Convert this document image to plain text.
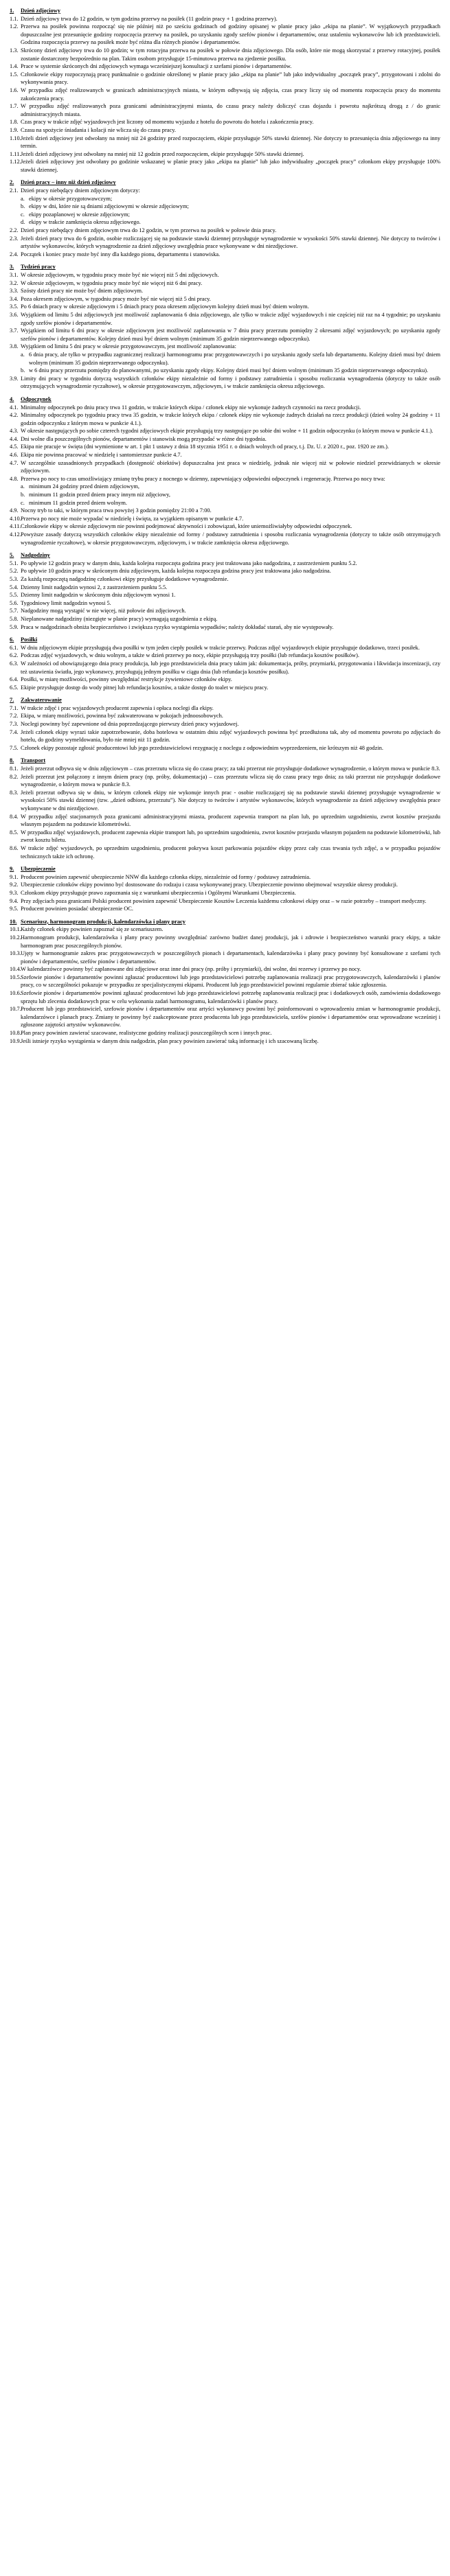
1.	Dzień zdjęciowy
1.1. Dzień zdjęciowy trwa do 12 godzin, w tym godzina przerwy na posiłek (11 godzin pracy + 1 godzina przerwy).
1.2. Przerwa na posiłek powinna rozpocząć się nie później niż po sześciu godzinach od godziny opisanej w planie pracy jako „ekipa na planie”. W wyjątkowych przypadkach dopuszczalne jest przesunięcie godziny rozpoczęcia przerwy na posiłek, po uzyskaniu zgody szefów pionów i departamentów, oraz ustaleniu wykonawców lub ich przedstawicieli. Godzina rozpoczęcia przerwy na posiłek może być różna dla różnych pionów i departamentów.
1.3. Skrócony dzień zdjęciowy trwa do 10 godzin; w tym rotacyjna przerwa na posiłek w połowie dnia zdjęciowego. Dla osób, które nie mogą skorzystać z przerwy rotacyjnej, posiłek zostanie dostarczony bezpośrednio na plan. Takim osobom przysługuje 15-minutowa przerwa na zjedzenie posiłku.
1.4. Prace w systemie skróconych dni zdjęciowych wymaga wcześniejszej konsultacji z szefami pionów i departamentów.
1.5. Członkowie ekipy rozpoczynają pracę punktualnie o godzinie określonej w planie pracy jako „ekipa na planie” lub jako indywidualny „początek pracy”, przygotowani i zdolni do wykonywania pracy.
1.6. W przypadku zdjęć realizowanych w granicach administracyjnych miasta, w którym odbywają się zdjęcia, czas pracy liczy się od momentu rozpoczęcia pracy do momentu zakończenia pracy.
1.7. W przypadku zdjęć realizowanych poza granicami administracyjnymi miasta, do czasu pracy należy doliczyć czas dojazdu i powrotu najkrótszą drogą z / do granic administracyjnych miasta.
1.8. Czas pracy w trakcie zdjęć wyjazdowych jest liczony od momentu wyjazdu z hotelu do powrotu do hotelu i zakończenia pracy.
1.9. Czasu na spożycie śniadania i kolacji nie wlicza się do czasu pracy.
1.10. Jeżeli dzień zdjęciowy jest odwołany na mniej niż 24 godziny przed rozpoczęciem, ekipie przysługuje 50% stawki dziennej. Nie dotyczy to przesunięcia dnia zdjęciowego na inny termin.
1.11. Jeżeli dzień zdjęciowy jest odwołany na mniej niż 12 godzin przed rozpoczęciem, ekipie przysługuje 50% stawki dziennej.
1.12. Jeżeli dzień zdjęciowy jest odwołany po godzinie wskazanej w planie pracy jako „ekipa na planie” lub jako indywidualny „początek pracy” członkom ekipy przysługuje 100% stawki dziennej.
2.	Dzień pracy – inny niż dzień zdjęciowy
2.1. Dzień pracy niebędący dniem zdjęciowym dotyczy:
a. ekipy w okresie przygotowawczym;
b. ekipy w dni, które nie są dniami zdjęciowymi w okresie zdjęciowym;
c. ekipy pozaplanowej w okresie zdjęciowym;
d. ekipy w trakcie zamknięcia okresu zdjęciowego.
2.2. Dzień pracy niebędący dniem zdjęciowym trwa do 12 godzin, w tym przerwa na posiłek w połowie dnia pracy.
2.3. Jeżeli dzień pracy trwa do 6 godzin, osobie rozliczającej się na podstawie stawki dziennej przysługuje wynagrodzenie w wysokości 50% stawki dziennej. Nie dotyczy to twórców i artystów wykonawców, których wynagrodzenie za dzień zdjęciowy uwzględnia prace wykonywane w dni niezdjęciowe.
2.4. Początek i koniec pracy może być inny dla każdego pionu, departamentu i stanowiska.
3.	Tydzień pracy
3.1. W okresie zdjęciowym, w tygodniu pracy może być nie więcej niż 5 dni zdjęciowych.
3.2. W okresie zdjęciowym, w tygodniu pracy może być nie więcej niż 6 dni pracy.
3.3. Szósty dzień pracy nie może być dniem zdjęciowym.
3.4. Poza okresem zdjęciowym, w tygodniu pracy może być nie więcej niż 5 dni pracy.
3.5. Po 6 dniach pracy w okresie zdjęciowym i 5 dniach pracy poza okresem zdjęciowym kolejny dzień musi być dniem wolnym.
3.6. Wyjątkiem od limitu 5 dni zdjęciowych jest możliwość zaplanowania 6 dnia zdjęciowego, ale tylko w trakcie zdjęć wyjazdowych i nie częściej niż raz na 4 tygodnie; po uzyskaniu zgody szefów pionów i departamentów.
3.7. Wyjątkiem od limitu 6 dni pracy w okresie zdjęciowym jest możliwość zaplanowania w 7 dniu pracy przerzutu pomiędzy 2 okresami zdjęć wyjazdowych; po uzyskaniu zgody szefów pionów i departamentów. Kolejny dzień musi być dniem wolnym (minimum 35 godzin nieprzerwanego odpoczynku).
3.8. Wyjątkiem od limitu 5 dni pracy w okresie przygotowawczym, jest możliwość zaplanowania:
a. 6 dnia pracy, ale tylko w przypadku zagranicznej realizacji harmonogramu prac przygotowawczych i po uzyskaniu zgody szefa lub departamentu. Kolejny dzień musi być dniem wolnym (minimum 35 godzin nieprzerwanego odpoczynku).
b. w 6 dniu pracy przerzutu pomiędzy do planowanymi, po uzyskaniu zgody ekipy. Kolejny dzień musi być dniem wolnym (minimum 35 godzin nieprzerwanego odpoczynku).
3.9. Limity dni pracy w tygodniu dotyczą wszystkich członków ekipy niezależnie od formy i podstawy zatrudnienia i sposobu rozliczania wynagrodzenia (dotyczy to także osób otrzymujących wynagrodzenie ryczałtowe), w okresie przygotowawczym, zdjęciowym, i w trakcie zamknięcia okresu zdjęciowego.
4.	Odpoczynek
4.1. Minimalny odpoczynek po dniu pracy trwa 11 godzin, w trakcie których ekipa / członek ekipy nie wykonuje żadnych czynności na rzecz produkcji.
4.2. Minimalny odpoczynek po tygodniu pracy trwa 35 godzin, w trakcie których ekipa / członek ekipy nie wykonuje żadnych działań na rzecz produkcji (dzień wolny 24 godziny + 11 godzin odpoczynku z którym mowa w punkcie 4.1.).
4.3. W okresie następujących po sobie czterech tygodni zdjęciowych ekipie przysługują trzy następujące po sobie dni wolne + 11 godzin odpoczynku (o którym mowa w punkcie 4.1.).
4.4. Dni wolne dla poszczególnych pionów, departamentów i stanowisk mogą przypadać w różne dni tygodnia.
4.5. Ekipa nie pracuje w święta (dni wymienione w art. 1 pkt 1 ustawy z dnia 18 stycznia 1951 r. o dniach wolnych od pracy, t.j. Dz. U. z 2020 r., poz. 1920 ze zm.).
4.6. Ekipa nie powinna pracować w niedzielę i santomierzsze punkcie 4.7.
4.7. W szczególnie uzasadnionych przypadkach (dostępność obiektów) dopuszczalna jest praca w niedzielę, jednak nie więcej niż w połowie niedziel przewidzianych w okresie zdjęciowym.
4.8. Przerwa po nocy to czas umożliwiający zmianę trybu pracy z nocnego w dzienny, zapewniający odpowiedni odpoczynek i regenerację. Przerwa po nocy trwa:
a. minimum 24 godziny przed dniem zdjęciowym,
b. minimum 11 godzin przed dniem pracy innym niż zdjęciowy,
c. minimum 11 godzin przed dniem wolnym.
4.9. Nocny tryb to taki, w którym praca trwa powyżej 3 godzin pomiędzy 21:00 a 7:00.
4.10. Przerwa po nocy nie może wypadać w niedzielę i święta, za wyjątkiem opisanym w punkcie 4.7.
4.11. Członkowie ekipy w okresie zdjęciowym nie powinni podejmować aktywności i zobowiązań, które uniemożliwiałyby odpowiedni odpoczynek.
4.12. Powyższe zasady dotyczą wszystkich członków ekipy niezależnie od formy / podstawy zatrudnienia i sposobu rozliczania wynagrodzenia (dotyczy to także osób otrzymujących wynagrodzenie ryczałtowe), w okresie przygotowawczym, zdjęciowym, i w trakcie zamknięcia okresu zdjęciowego.
5.	Nadgodziny
5.1. Po upływie 12 godzin pracy w danym dniu, każda kolejna rozpoczęta godzina pracy jest traktowana jako nadgodzina, z zastrzeżeniem punktu 5.2.
5.2. Po upływie 10 godzin pracy w skróconym dniu zdjęciowym, każda kolejna rozpoczęta godzina pracy jest traktowana jako nadgodzina.
5.3. Za każdą rozpoczętą nadgodzinę członkowi ekipy przysługuje dodatkowe wynagrodzenie.
5.4. Dzienny limit nadgodzin wynosi 2, z zastrzeżeniem punktu 5.5.
5.5. Dzienny limit nadgodzin w skróconym dniu zdjęciowym wynosi 1.
5.6. Tygodniowy limit nadgodzin wynosi 5.
5.7. Nadgodziny mogą wystąpić w nie więcej, niż połowie dni zdjęciowych.
5.8. Nieplanowane nadgodziny (niezgięte w planie pracy) wymagają uzgodnienia z ekipą.
5.9. Praca w nadgodzinach obniża bezpieczeństwo i zwiększa ryzyko wystąpienia wypadków; należy dokładać starań, aby nie występowały.
6.	Posiłki
6.1. W dniu zdjęciowym ekipie przysługują dwa posiłki w tym jeden ciepły posiłek w trakcie przerwy. Podczas zdjęć wyjazdowych ekipie przysługuje dodatkowo, trzeci posiłek.
6.2. Podczas zdjęć wyjazdowych, w dniu wolnym, a także w dzień przerwy po nocy, ekipie przysługują trzy posiłki (lub refundacja kosztów posiłków).
6.3. W zależności od obowiązującego dnia pracy produkcja, lub jego przedstawiciela dnia pracy takim jak: dokumentacja, próby, przymiarki, przygotowania i likwidacja inscenizacji, czy też ustawienia światła, jego wykonawcy, przysługują jednym posiłku w ciągu dnia (lub refundacja kosztów posiłku).
6.4. Posiłki, w miarę możliwości, powinny uwzględniać restrykcje żywieniowe członków ekipy.
6.5. Ekipie przysługuje dostęp do wody pitnej lub refundacja kosztów, a także dostęp do toalet w miejscu pracy.
7.	Zakwaterowanie
7.1. W trakcie zdjęć i prac wyjazdowych producent zapewnia i opłaca noclegi dla ekipy.
7.2. Ekipa, w miarę możliwości, powinna być zakwaterowana w pokojach jednoosobowych.
7.3. Noclegi powinny być zapewnione od dnia poprzedzającego pierwszy dzień pracy wyjazdowej.
7.4. Jeżeli członek ekipy wyrazi takie zapotrzebowanie, doba hotelowa w ostatnim dniu zdjęć wyjazdowych powinna być przedłużona tak, aby od momentu powrotu po zdjęciach do hotelu, do godziny wymeldowania, było nie mniej niż 11 godzin.
7.5. Członek ekipy pozostaje zgłosić producentowi lub jego przedstawicielowi rezygnację z noclegu z odpowiednim wyprzedzeniem, nie krótszym niż 48 godzin.
8.	Transport
8.1. Jeżeli przerzut odbywa się w dniu zdjęciowym – czas przerzutu wlicza się do czasu pracy; za taki przerzut nie przysługuje dodatkowe wynagrodzenie, o którym mowa w punkcie 8.3.
8.2. Jeżeli przerzut jest połączony z innym dniem pracy (np. próby, dokumentacja) – czas przerzutu wlicza się do czasu pracy tego dnia; za taki przerzut nie przysługuje dodatkowe wynagrodzenie, o którym mowa w punkcie 8.3.
8.3. Jeżeli przerzut odbywa się w dniu, w którym członek ekipy nie wykonuje innych prac - osobie rozliczającej się na podstawie stawki dziennej przysługuje wynagrodzenie w wysokości 50% stawki dziennej (tzw. „dzień odbioru, przerzutu”). Nie dotyczy to twórców i artystów wykonawców, których wynagrodzenie za dzień zdjęciowy uwzględnia prace wykonywane w dni niezdjęciowe.
8.4. W przypadku zdjęć stacjonarnych poza granicami administracyjnymi miasta, producent zapewnia transport na plan lub, po uprzednim uzgodnieniu, zwrot kosztów przejazdu własnym pojazdem na podstawie kilometrówki.
8.5. W przypadku zdjęć wyjazdowych, producent zapewnia ekipie transport lub, po uprzednim uzgodnieniu, zwrot kosztów przejazdu własnym pojazdem na podstawie kilometrówki, lub zwrot kosztu biletu.
8.6. W trakcie zdjęć wyjazdowych, po uprzednim uzgodnieniu, producent pokrywa koszt parkowania pojazdów ekipy przez cały czas trwania tych zdjęć, a w przypadku pojazdów technicznych także ich ochronę.
9.	Ubezpieczenie
9.1. Producent powinien zapewnić ubezpieczenie NNW dla każdego członka ekipy, niezależnie od formy / podstawy zatrudnienia.
9.2. Ubezpieczenie członków ekipy powinno być dostosowane do rodzaju i czasu wykonywanej pracy. Ubezpieczenie powinno obejmować wszystkie okresy produkcji.
9.3. Członkom ekipy przysługuje prawo zapoznania się z warunkami ubezpieczenia i Ogólnymi Warunkami Ubezpieczenia.
9.4. Przy zdjęciach poza granicami Polski producent powinien zapewnić Ubezpieczenie Kosztów Leczenia każdemu członkowi ekipy oraz – w razie potrzeby – transport medyczny.
9.5. Producent powinien posiadać ubezpieczenie OC.
10. Scenariusz, harmonogram produkcji, kalendarzówka i plany pracy
10.1. Każdy członek ekipy powinien zapoznać się ze scenariuszem.
10.2. Harmonogram produkcji, kalendarzówka i plany pracy powinny uwzględniać zarówno budżet danej produkcji, jak i zdrowie i bezpieczeństwo warunki pracy ekipy, a także harmonogram prac poszczególnych pionów.
10.3. Ujęty w harmonogramie zakres prac przygotowawczych w poszczególnych pionach i departamentach, kalendarzówka i plany pracy powinny być konsultowane z szefami tych pionów i departamentów, szefów pionów i departamentów.
10.4. W kalendarzówce powinny być zaplanowane dni zdjęciowe oraz inne dni pracy (np. próby i przymiarki), dni wolne, dni rezerwy i przerwy po nocy.
10.5. Szefowie pionów i departamentów powinni zgłaszać producentowi lub jego przedstawicielowi potrzebę zaplanowania realizacji prac przygotowawczych, kalendarzówki i planów pracy, co w szczególności pokazuje w przypadku ze specjalistycznymi ekipami. Producent lub jego przedstawiciel powinni regularnie zbierać takie zgłoszenia.
10.6. Szefowie pionów i departamentów powinni zgłaszać producentowi lub jego przedstawicielowi potrzebę zaplanowania realizacji prac i dodatkowych osób, zamówienia dodatkowego sprzętu lub zlecenia dodatkowych prac w celu wykonania zadań harmonogramu, kalendarzówki i planów pracy.
10.7. Producent lub jego przedstawiciel, szefowie pionów i departamentów oraz artyści wykonawcy powinni być poinformowani o wprowadzeniu zmian w harmonogramie produkcji, kalendarzówce i planach pracy. Zmiany te powinny być zaakceptowane przez producenta lub jego przedstawiciela, szefów pionów i departamentów oraz wprowadzone wcześniej i zgłoszone zajętości artystów wykonawców.
10.8. Plan pracy powinien zawierać szacowane, realistyczne godziny realizacji poszczególnych scen i innych prac.
10.9. Jeśli istnieje ryzyko wystąpienia w danym dniu nadgodzin, plan pracy powinien zawierać taką informację i ich szacowaną liczbę.
